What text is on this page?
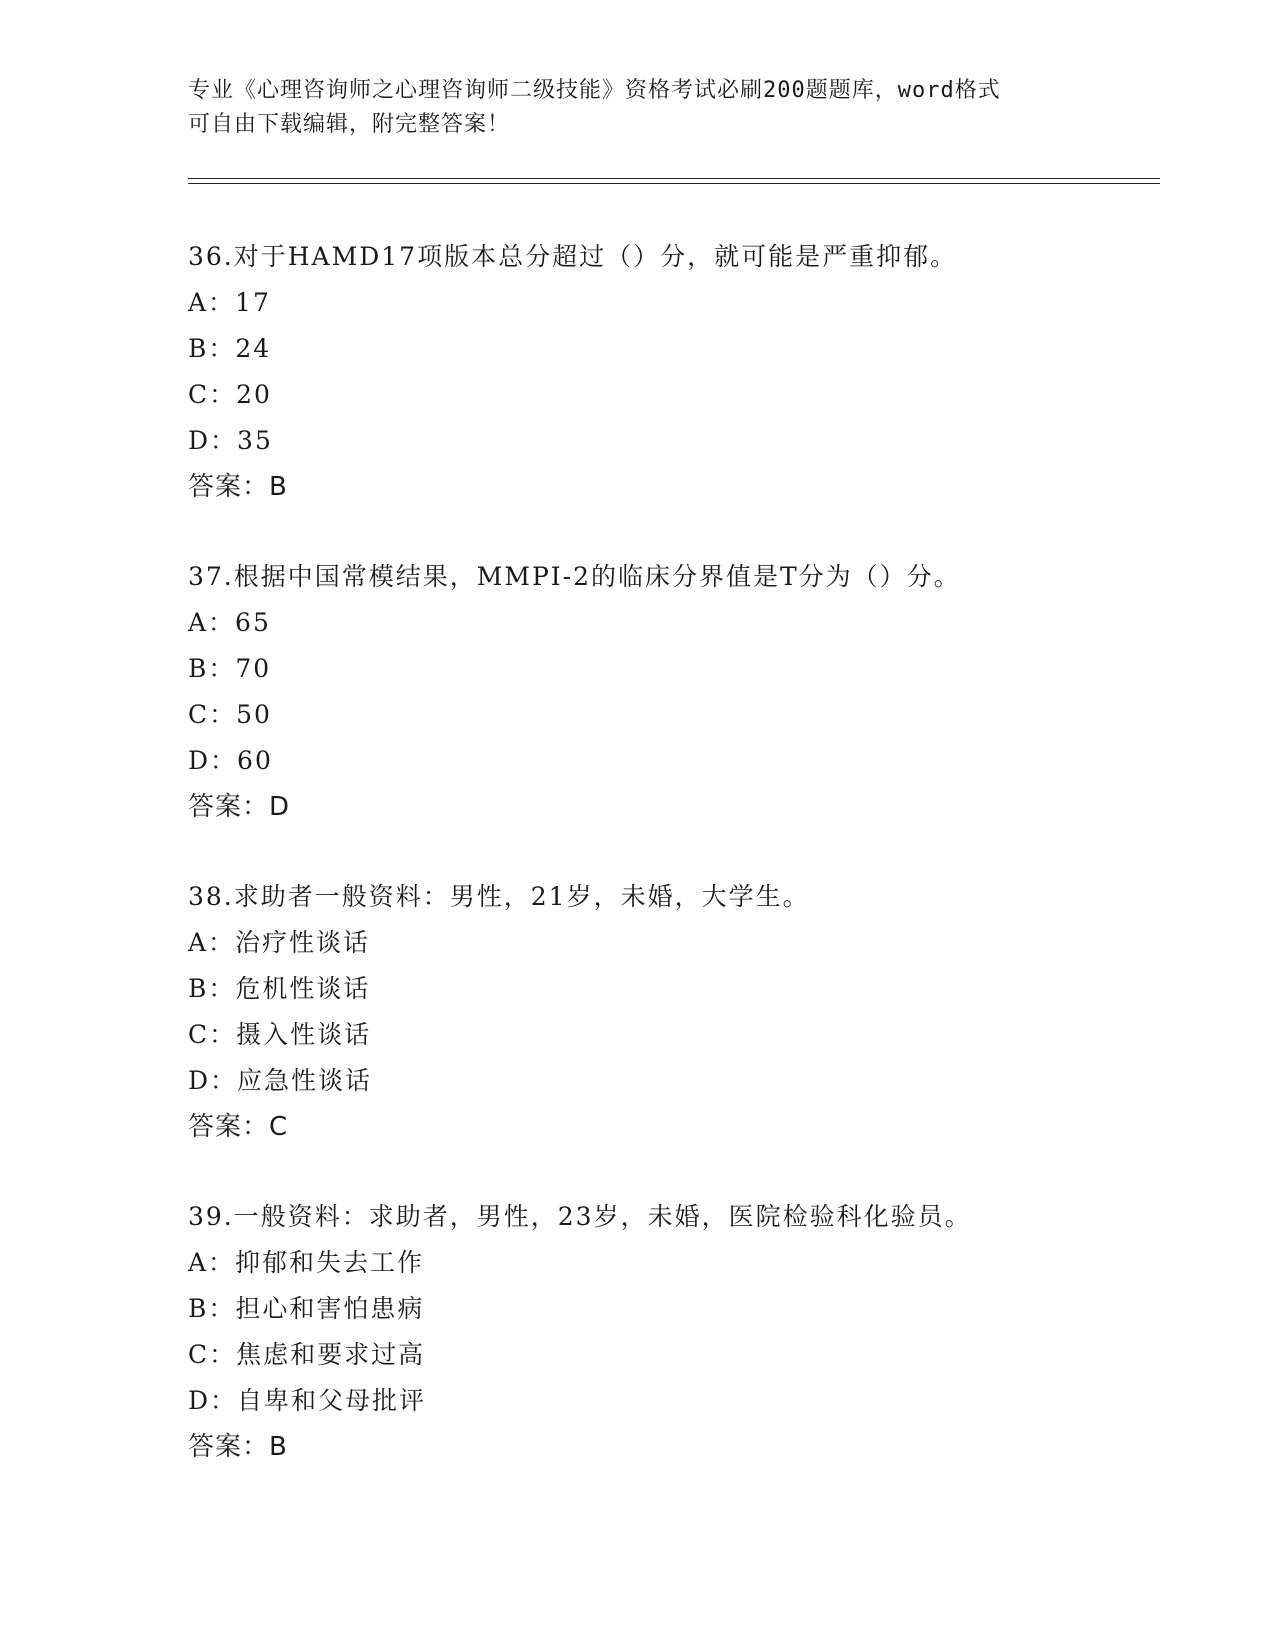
专业《心理咨询师之心理咨询师二级技能》资格考试必刷200题题库，word格式
可自由下载编辑，附完整答案！
36.对于HAMD17项版本总分超过（）分，就可能是严重抑郁。
A：17
B：24
C：20
D：35
答案：B
37.根据中国常模结果，MMPI-2的临床分界值是T分为（）分。
A：65
B：70
C：50
D：60
答案：D
38.求助者一般资料：男性，21岁，未婚，大学生。
A：治疗性谈话
B：危机性谈话
C：摄入性谈话
D：应急性谈话
答案：C
39.一般资料：求助者，男性，23岁，未婚，医院检验科化验员。
A：抑郁和失去工作
B：担心和害怕患病
C：焦虑和要求过高
D：自卑和父母批评
答案：B
